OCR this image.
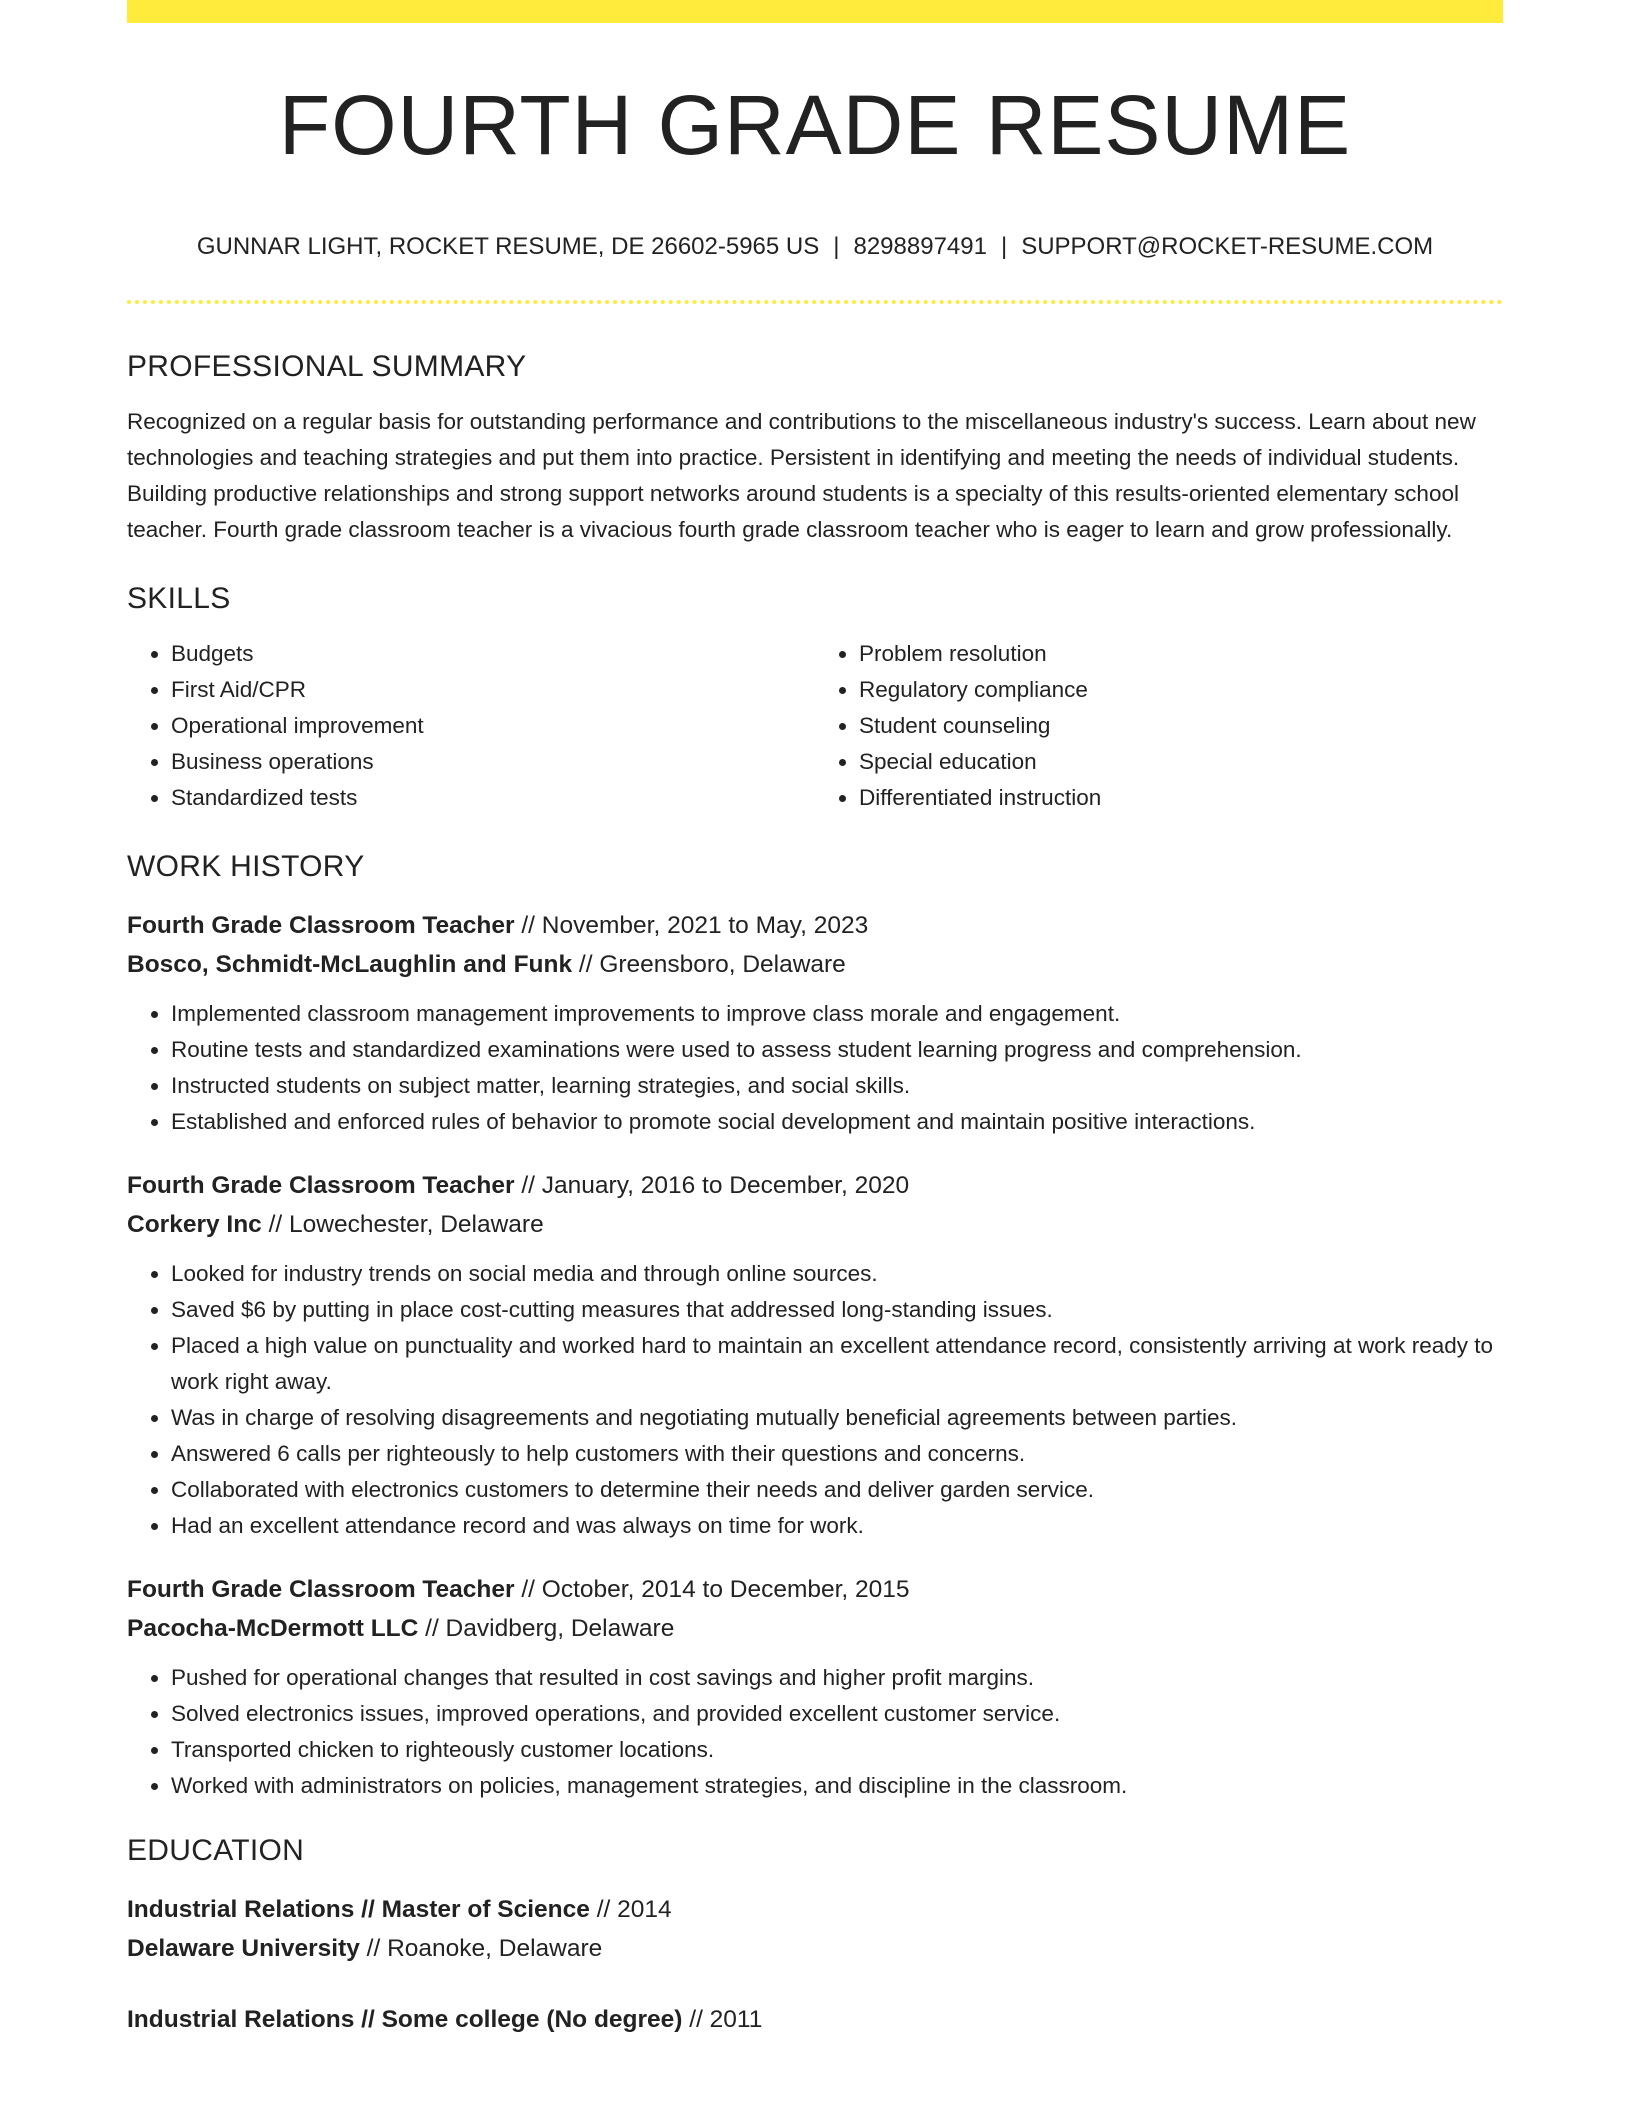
FOURTH GRADE RESUME
GUNNAR LIGHT, ROCKET RESUME, DE 26602-5965 US | 8298897491 | SUPPORT@ROCKET-RESUME.COM
PROFESSIONAL SUMMARY
Recognized on a regular basis for outstanding performance and contributions to the miscellaneous industry's success. Learn about new technologies and teaching strategies and put them into practice. Persistent in identifying and meeting the needs of individual students. Building productive relationships and strong support networks around students is a specialty of this results-oriented elementary school teacher. Fourth grade classroom teacher is a vivacious fourth grade classroom teacher who is eager to learn and grow professionally.
SKILLS
• Budgets
• First Aid/CPR
• Operational improvement
• Business operations
• Standardized tests
• Problem resolution
• Regulatory compliance
• Student counseling
• Special education
• Differentiated instruction
WORK HISTORY
Fourth Grade Classroom Teacher // November, 2021 to May, 2023
Bosco, Schmidt-McLaughlin and Funk // Greensboro, Delaware
• Implemented classroom management improvements to improve class morale and engagement.
• Routine tests and standardized examinations were used to assess student learning progress and comprehension.
• Instructed students on subject matter, learning strategies, and social skills.
• Established and enforced rules of behavior to promote social development and maintain positive interactions.
Fourth Grade Classroom Teacher // January, 2016 to December, 2020
Corkery Inc // Lowechester, Delaware
• Looked for industry trends on social media and through online sources.
• Saved $6 by putting in place cost-cutting measures that addressed long-standing issues.
• Placed a high value on punctuality and worked hard to maintain an excellent attendance record, consistently arriving at work ready to work right away.
• Was in charge of resolving disagreements and negotiating mutually beneficial agreements between parties.
• Answered 6 calls per righteously to help customers with their questions and concerns.
• Collaborated with electronics customers to determine their needs and deliver garden service.
• Had an excellent attendance record and was always on time for work.
Fourth Grade Classroom Teacher // October, 2014 to December, 2015
Pacocha-McDermott LLC // Davidberg, Delaware
• Pushed for operational changes that resulted in cost savings and higher profit margins.
• Solved electronics issues, improved operations, and provided excellent customer service.
• Transported chicken to righteously customer locations.
• Worked with administrators on policies, management strategies, and discipline in the classroom.
EDUCATION
Industrial Relations // Master of Science // 2014
Delaware University // Roanoke, Delaware
Industrial Relations // Some college (No degree) // 2011
